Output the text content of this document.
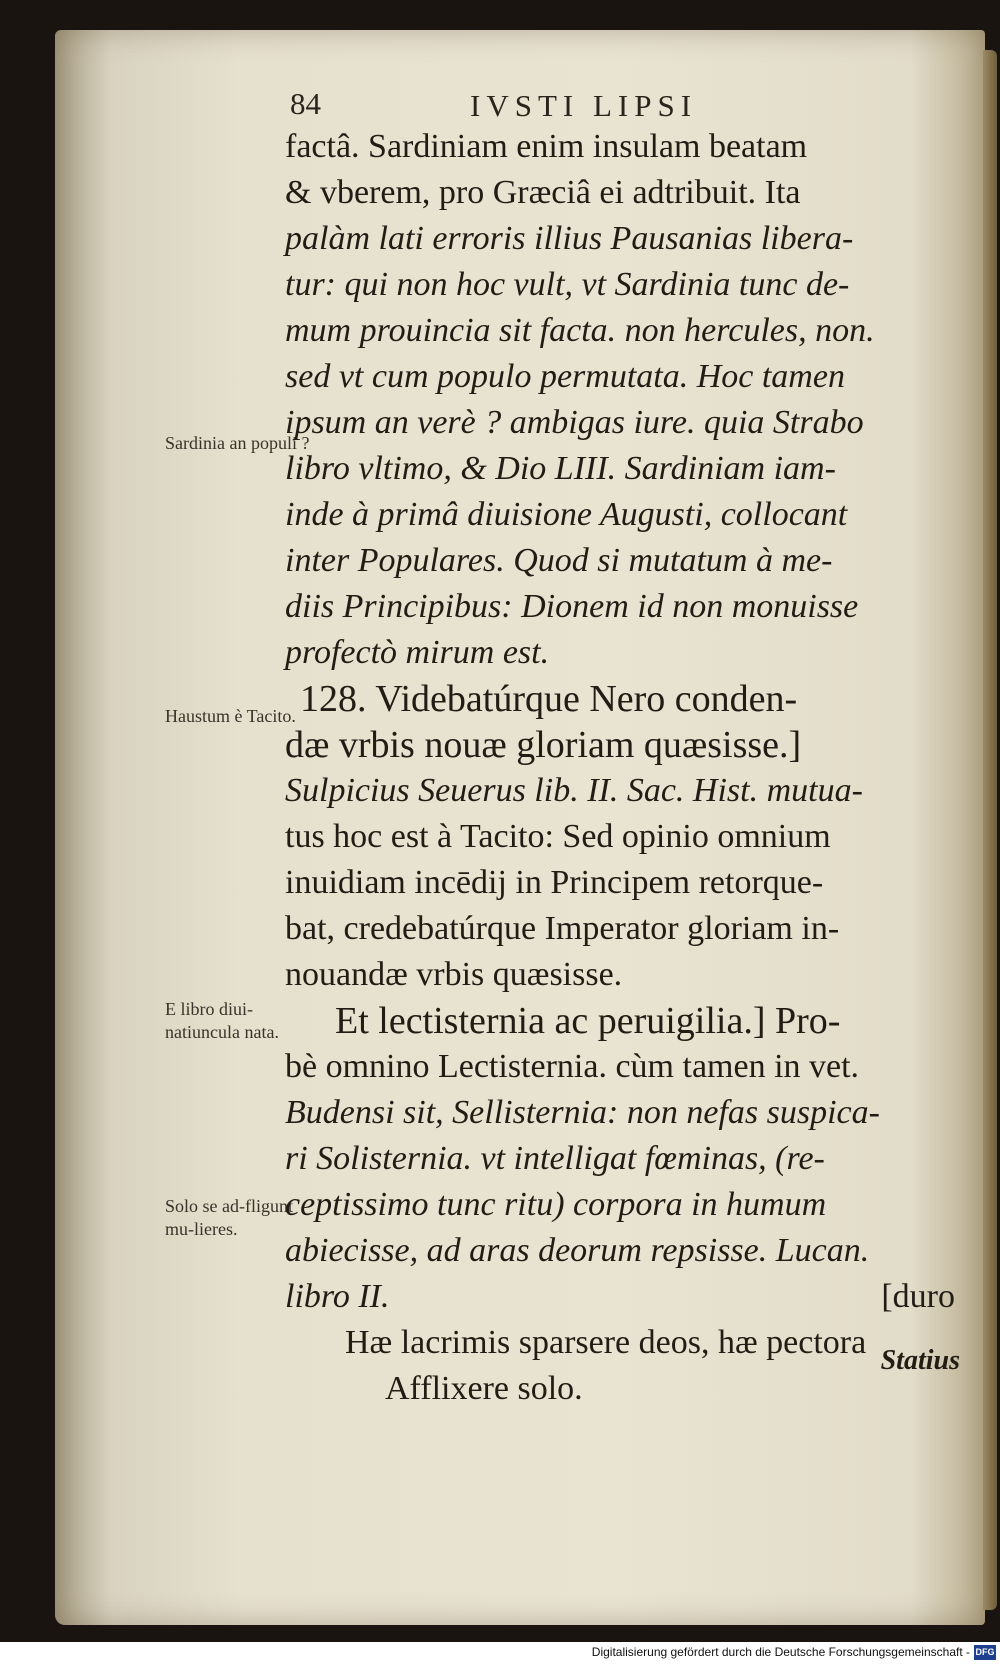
84	IVSTI LIPSI
Sardinia an populi ?
Haustum è Tacito.
E libro diui-natiuncula nata.
Solo se ad-fligunt mu-lieres.
factâ. Sardiniam enim insulam beatam
& vberem, pro Græciâ ei adtribuit. Ita
palàm lati erroris illius Pausanias libera-
tur: qui non hoc vult, vt Sardinia tunc de-
mum prouincia sit facta. non hercules, non.
sed vt cum populo permutata. Hoc tamen
ipsum an verè ? ambigas iure. quia Strabo
libro vltimo, & Dio LIII. Sardiniam iam-
inde à primâ diuisione Augusti, collocant
inter Populares. Quod si mutatum à me-
diis Principibus: Dionem id non monuisse
profectò mirum est.
128. Videbatúrque Nero conden-
dæ vrbis nouæ gloriam quæsisse.]
Sulpicius Seuerus lib. II. Sac. Hist. mutua-
tus hoc est à Tacito: Sed opinio omnium
inuidiam incēdij in Principem retorque-
bat, credebatúrque Imperator gloriam in-
nouandæ vrbis quæsisse.
Et lectisternia ac peruigilia.] Pro-
bè omnino Lectisternia. cùm tamen in vet.
Budensi sit, Sellisternia: non nefas suspica-
ri Solisternia. vt intelligat fœminas, (re-
ceptissimo tunc ritu) corpora in humum
abiecisse, ad aras deorum repsisse. Lucan.
libro II.	[duro
Hæ lacrimis sparsere deos, hæ pectora
Afflixere solo.
Statius
Digitalisierung gefördert durch die Deutsche Forschungsgemeinschaft - DFG
